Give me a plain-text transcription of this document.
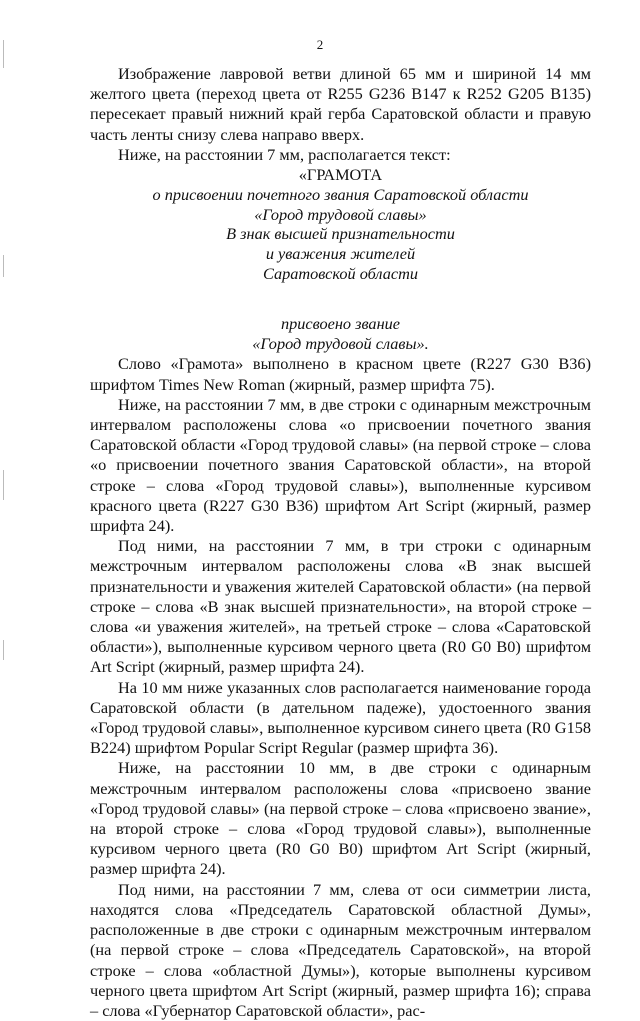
2

Изображение лавровой ветви длиной 65 мм и шириной 14 мм желтого цвета (переход цвета от R255 G236 B147 к R252 G205 B135) пересекает правый нижний край герба Саратовской области и правую часть ленты снизу слева направо вверх.

Ниже, на расстоянии 7 мм, располагается текст:

«ГРАМОТА

о присвоении почетного звания Саратовской области

«Город трудовой славы»

В знак высшей признательности

и уважения жителей

Саратовской области

присвоено звание

«Город трудовой славы».

Слово «Грамота» выполнено в красном цвете (R227 G30 B36) шрифтом Times New Roman (жирный, размер шрифта 75).

Ниже, на расстоянии 7 мм, в две строки с одинарным межстрочным интервалом расположены слова «о присвоении почетного звания Саратовской области «Город трудовой славы» (на первой строке – слова «о присвоении почетного звания Саратовской области», на второй строке – слова «Город трудовой славы»), выполненные курсивом красного цвета (R227 G30 B36) шрифтом Art Script (жирный, размер шрифта 24).

Под ними, на расстоянии 7 мм, в три строки с одинарным межстрочным интервалом расположены слова «В знак высшей признательности и уважения жителей Саратовской области» (на первой строке – слова «В знак высшей признательности», на второй строке – слова «и уважения жителей», на третьей строке – слова «Саратовской области»), выполненные курсивом черного цвета (R0 G0 B0) шрифтом Art Script (жирный, размер шрифта 24).

На 10 мм ниже указанных слов располагается наименование города Саратовской области (в дательном падеже), удостоенного звания «Город трудовой славы», выполненное курсивом синего цвета (R0 G158 B224) шрифтом Popular Script Regular (размер шрифта 36).

Ниже, на расстоянии 10 мм, в две строки с одинарным межстрочным интервалом расположены слова «присвоено звание «Город трудовой славы» (на первой строке – слова «присвоено звание», на второй строке – слова «Город трудовой славы»), выполненные курсивом черного цвета (R0 G0 B0) шрифтом Art Script (жирный, размер шрифта 24).

Под ними, на расстоянии 7 мм, слева от оси симметрии листа, находятся слова «Председатель Саратовской областной Думы», расположенные в две строки с одинарным межстрочным интервалом (на первой строке – слова «Председатель Саратовской», на второй строке – слова «областной Думы»), которые выполнены курсивом черного цвета шрифтом Art Script (жирный, размер шрифта 16); справа – слова «Губернатор Саратовской области», рас-
